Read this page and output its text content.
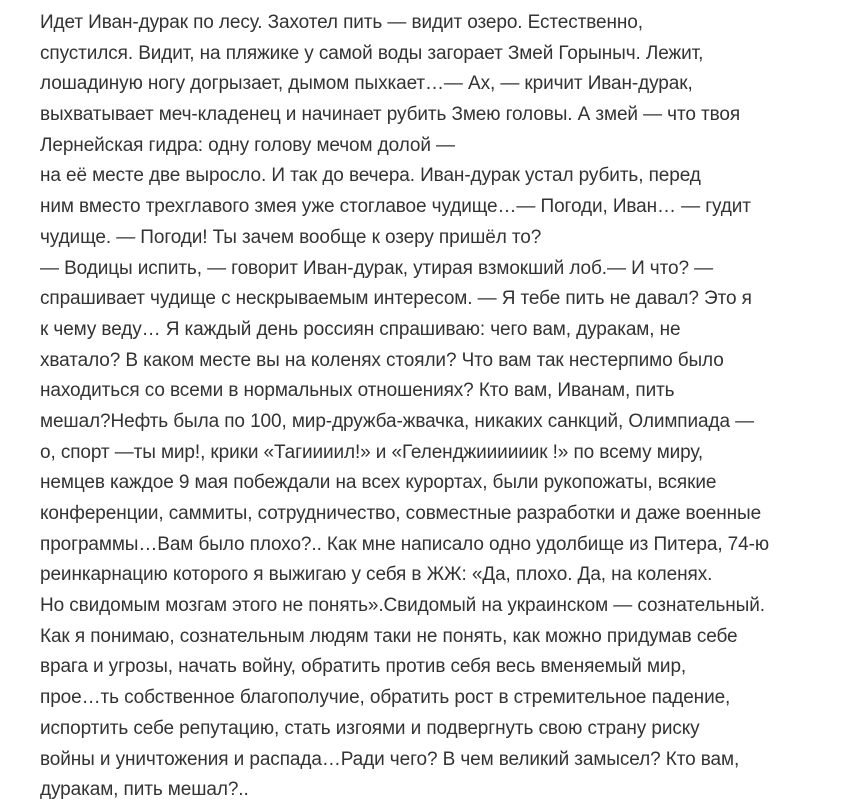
Идет Иван-дурак по лесу. Захотел пить — видит озеро. Естественно,
спустился. Видит, на пляжике у самой воды загорает Змей Горыныч. Лежит,
лошадиную ногу догрызает, дымом пыхкает…— Ах, — кричит Иван-дурак,
выхватывает меч-кладенец и начинает рубить Змею головы. А змей — что твоя
Лернейская гидра: одну голову мечом долой —
на её месте две выросло. И так до вечера. Иван-дурак устал рубить, перед
ним вместо трехглавого змея уже стоглавое чудище…— Погоди, Иван… — гудит
чудище. — Погоди! Ты зачем вообще к озеру пришёл то?
— Водицы испить, — говорит Иван-дурак, утирая взмокший лоб.— И что? —
спрашивает чудище с нескрываемым интересом. — Я тебе пить не давал? Это я
к чему веду… Я каждый день россиян спрашиваю: чего вам, дуракам, не
хватало? В каком месте вы на коленях стояли? Что вам так нестерпимо было
находиться со всеми в нормальных отношениях? Кто вам, Иванам, пить
мешал?Нефть была по 100, мир-дружба-жвачка, никаких санкций, Олимпиада —
о, спорт —ты мир!, крики «Тагиииил!» и «Геленджиииииик !» по всему миру,
немцев каждое 9 мая побеждали на всех курортах, были рукопожаты, всякие
конференции, саммиты, сотрудничество, совместные разработки и даже военные
программы…Вам было плохо?.. Как мне написало одно удолбище из Питера, 74-ю
реинкарнацию которого я выжигаю у себя в ЖЖ: «Да, плохо. Да, на коленях.
Но свидомым мозгам этого не понять».Свидомый на украинском — сознательный.
Как я понимаю, сознательным людям таки не понять, как можно придумав себе
врага и угрозы, начать войну, обратить против себя весь вменяемый мир,
прое…ть собственное благополучие, обратить рост в стремительное падение,
испортить себе репутацию, стать изгоями и подвергнуть свою страну риску
войны и уничтожения и распада…Ради чего? В чем великий замысел? Кто вам,
дуракам, пить мешал?..
